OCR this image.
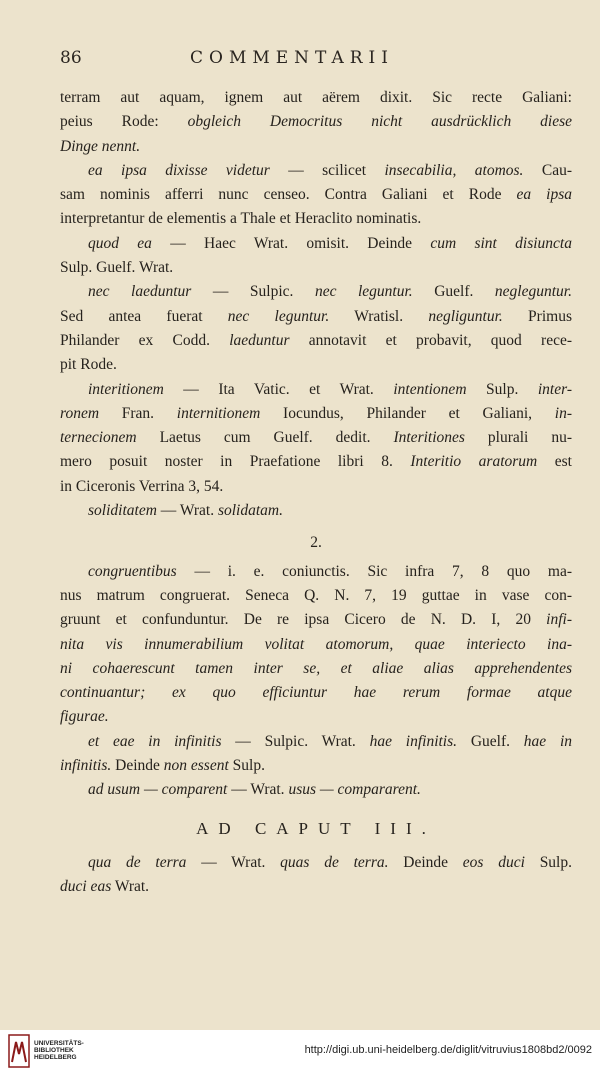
86	COMMENTARII
terram aut aquam, ignem aut aërem dixit. Sic recte Galiani:
peius Rode: obgleich Democritus nicht ausdrücklich diese
Dinge nennt.
ea ipsa dixisse videtur — scilicet insecabilia, atomos. Cau-
sam nominis afferri nunc censeo. Contra Galiani et Rode ea ipsa
interpretantur de elementis a Thale et Heraclito nominatis.
quod ea — Haec Wrat. omisit. Deinde cum sint disiuncta
Sulp. Guelf. Wrat.
nec laeduntur — Sulpic. nec leguntur. Guelf. negleguntur.
Sed antea fuerat nec leguntur. Wratisl. negliguntur. Primus
Philander ex Codd. laeduntur annotavit et probavit, quod rece-
pit Rode.
interitionem — Ita Vatic. et Wrat. intentionem Sulp. inter-
ronem Fran. internitionem Iocundus, Philander et Galiani, in-
ternecionem Laetus cum Guelf. dedit. Interitiones plurali nu-
mero posuit noster in Praefatione libri 8. Interitio aratorum est
in Ciceronis Verrina 3, 54.
soliditatem — Wrat. solidatam.
2.
congruentibus — i. e. coniunctis. Sic infra 7, 8 quo ma-
nus matrum congruerat. Seneca Q. N. 7, 19 guttae in vase con-
gruunt et confunduntur. De re ipsa Cicero de N. D. I, 20 infi-
nita vis innumerabilium volitat atomorum, quae interiecto ina-
ni cohaerescunt tamen inter se, et aliae alias apprehendentes
continuantur; ex quo efficiuntur hae rerum formae atque
figurae.
et eae in infinitis — Sulpic. Wrat. hae infinitis. Guelf. hae in
infinitis. Deinde non essent Sulp.
ad usum — comparent — Wrat. usus — compararent.
AD CAPUT III.
qua de terra — Wrat. quas de terra. Deinde eos duci Sulp.
duci eas Wrat.
UNIVERSITÄTS-
BIBLIOTHEK
HEIDELBERG
http://digi.ub.uni-heidelberg.de/diglit/vitruvius1808bd2/0092
